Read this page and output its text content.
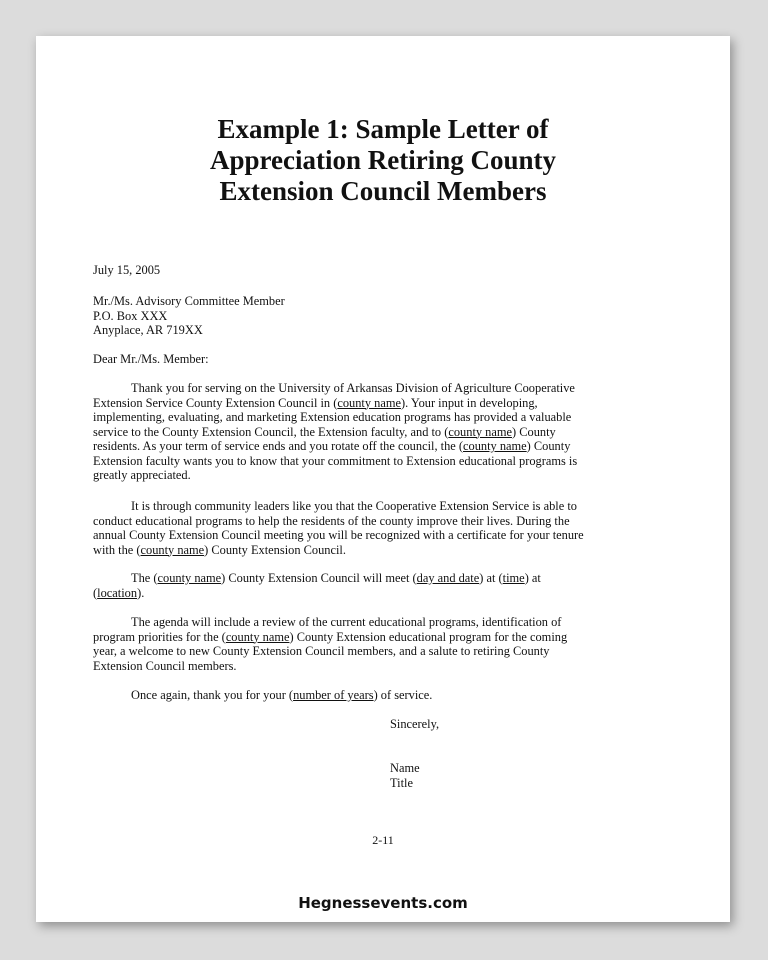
Example 1: Sample Letter of
Appreciation Retiring County
Extension Council Members
July 15, 2005
Mr./Ms. Advisory Committee Member
P.O. Box XXX
Anyplace, AR 719XX
Dear Mr./Ms. Member:
Thank you for serving on the University of Arkansas Division of Agriculture Cooperative
Extension Service County Extension Council in (county name). Your input in developing,
implementing, evaluating, and marketing Extension education programs has provided a valuable
service to the County Extension Council, the Extension faculty, and to (county name) County
residents. As your term of service ends and you rotate off the council, the (county name) County
Extension faculty wants you to know that your commitment to Extension educational programs is
greatly appreciated.
It is through community leaders like you that the Cooperative Extension Service is able to
conduct educational programs to help the residents of the county improve their lives. During the
annual County Extension Council meeting you will be recognized with a certificate for your tenure
with the (county name) County Extension Council.
The (county name) County Extension Council will meet (day and date) at (time) at
(location).
The agenda will include a review of the current educational programs, identification of
program priorities for the (county name) County Extension educational program for the coming
year, a welcome to new County Extension Council members, and a salute to retiring County
Extension Council members.
Once again, thank you for your (number of years) of service.
Sincerely,
Name
Title
2-11
Hegnessevents.com
